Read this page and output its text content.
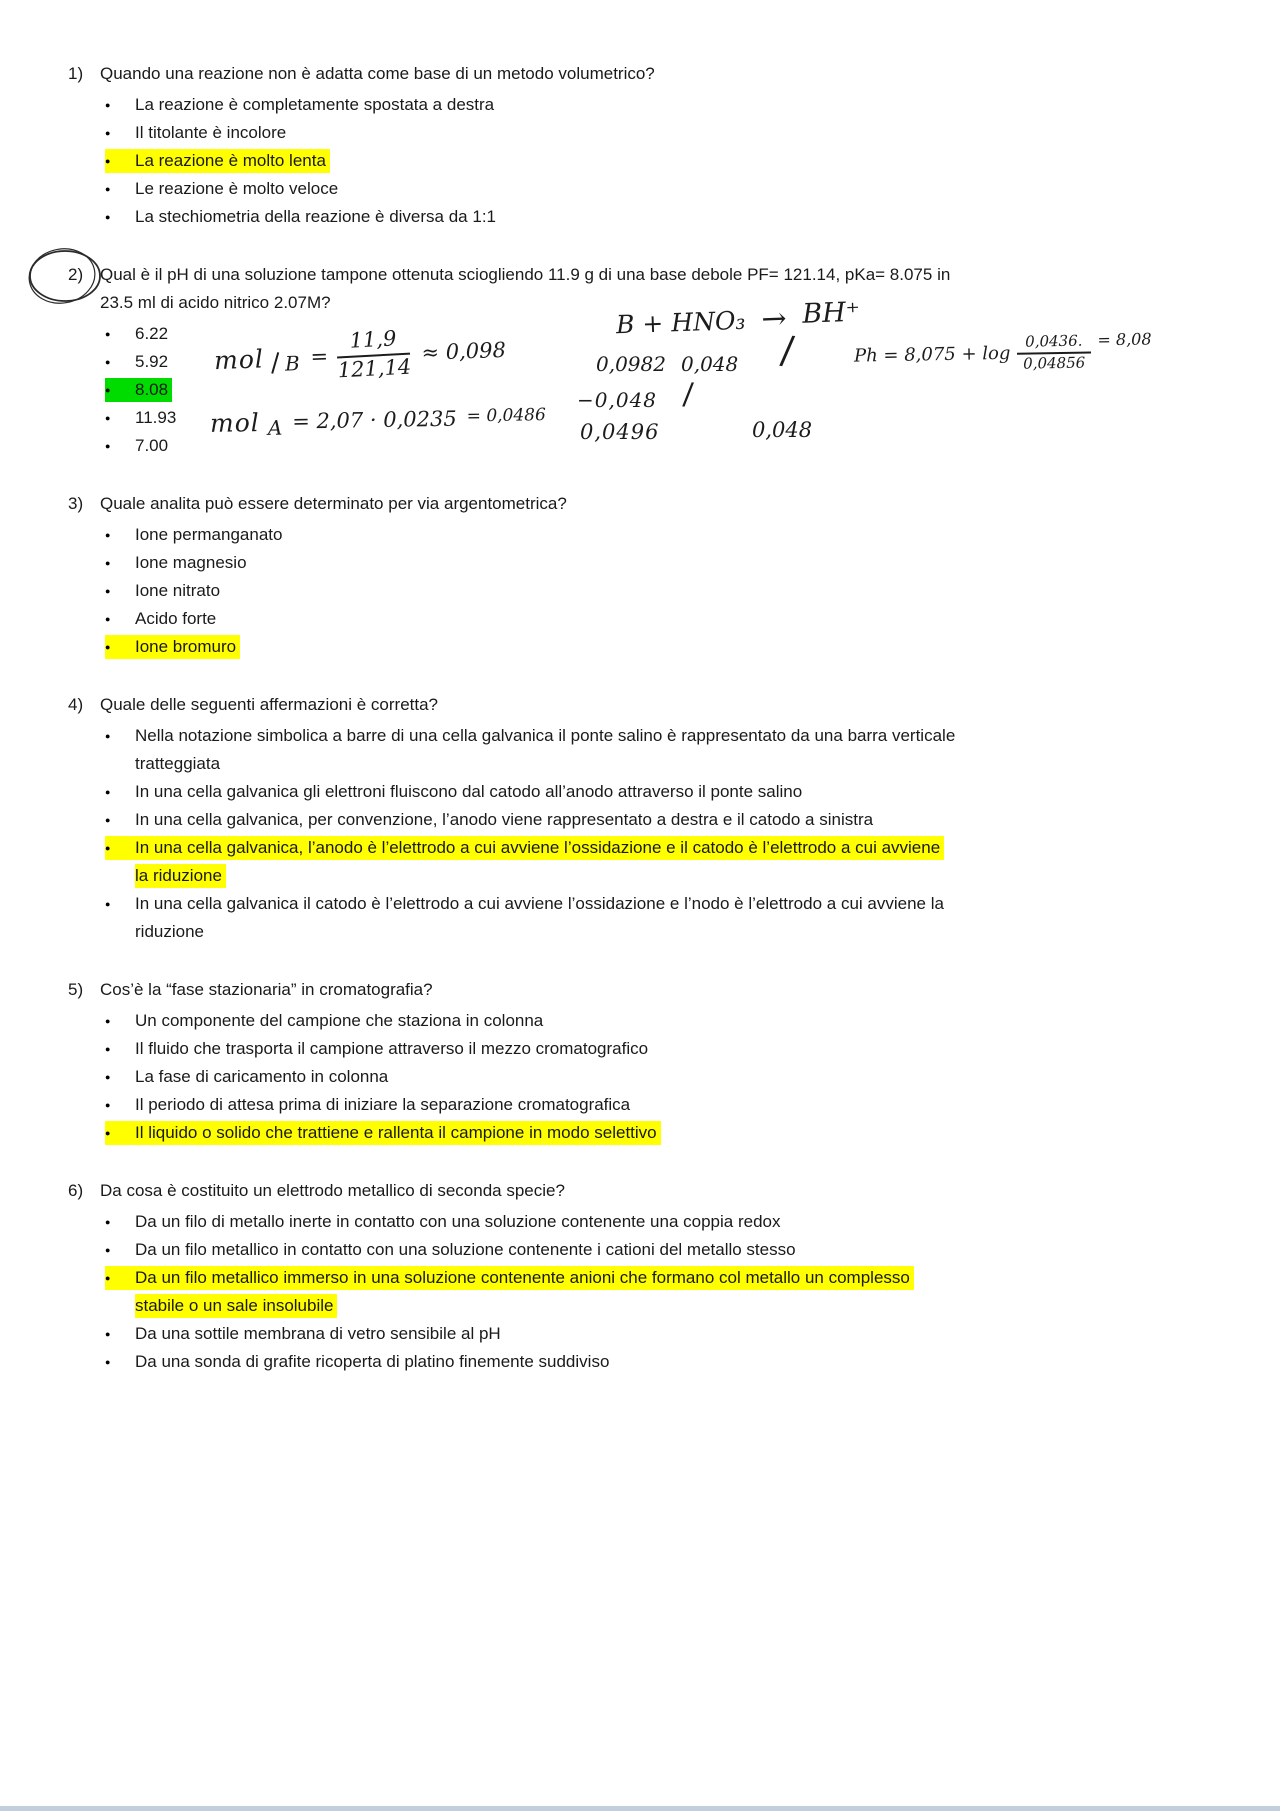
1) Quando una reazione non è adatta come base di un metodo volumetrico?
● La reazione è completamente spostata a destra
● Il titolante è incolore
● La reazione è molto lenta
● Le reazione è molto veloce
● La stechiometria della reazione è diversa da 1:1
2) Qual è il pH di una soluzione tampone ottenuta sciogliendo 11.9 g di una base debole PF= 121.14, pKa= 8.075 in
23.5 ml di acido nitrico 2.07M?
● 6.22
● 5.92
● 8.08
● 11.93
● 7.00
3) Quale analita può essere determinato per via argentometrica?
● Ione permanganato
● Ione magnesio
● Ione nitrato
● Acido forte
● Ione bromuro
4) Quale delle seguenti affermazioni è corretta?
● Nella notazione simbolica a barre di una cella galvanica il ponte salino è rappresentato da una barra verticale
tratteggiata
● In una cella galvanica gli elettroni fluiscono dal catodo all’anodo attraverso il ponte salino
● In una cella galvanica, per convenzione, l’anodo viene rappresentato a destra e il catodo a sinistra
● In una cella galvanica, l’anodo è l’elettrodo a cui avviene l’ossidazione e il catodo è l’elettrodo a cui avviene
la riduzione
● In una cella galvanica il catodo è l’elettrodo a cui avviene l’ossidazione e l’nodo è l’elettrodo a cui avviene la
riduzione
5) Cos’è la “fase stazionaria” in cromatografia?
● Un componente del campione che staziona in colonna
● Il fluido che trasporta il campione attraverso il mezzo cromatografico
● La fase di caricamento in colonna
● Il periodo di attesa prima di iniziare la separazione cromatografica
● Il liquido o solido che trattiene e rallenta il campione in modo selettivo
6) Da cosa è costituito un elettrodo metallico di seconda specie?
● Da un filo di metallo inerte in contatto con una soluzione contenente una coppia redox
● Da un filo metallico in contatto con una soluzione contenente i cationi del metallo stesso
● Da un filo metallico immerso in una soluzione contenente anioni che formano col metallo un complesso
stabile o un sale insolubile
● Da una sottile membrana di vetro sensibile al pH
● Da una sonda di grafite ricoperta di platino finemente suddiviso
mol $B = \frac{11,9}{121,14} \approx 0,098$
mol A = 2,07 · 0,0235 = 0,0486
B + HNO₃ → BH⁺
0,0982 0,048 ∕
−0,048 ∕
0,0496	0,048
$Ph = 8,075 + \log \frac{0,0436.}{0,04856} = 8,08$
